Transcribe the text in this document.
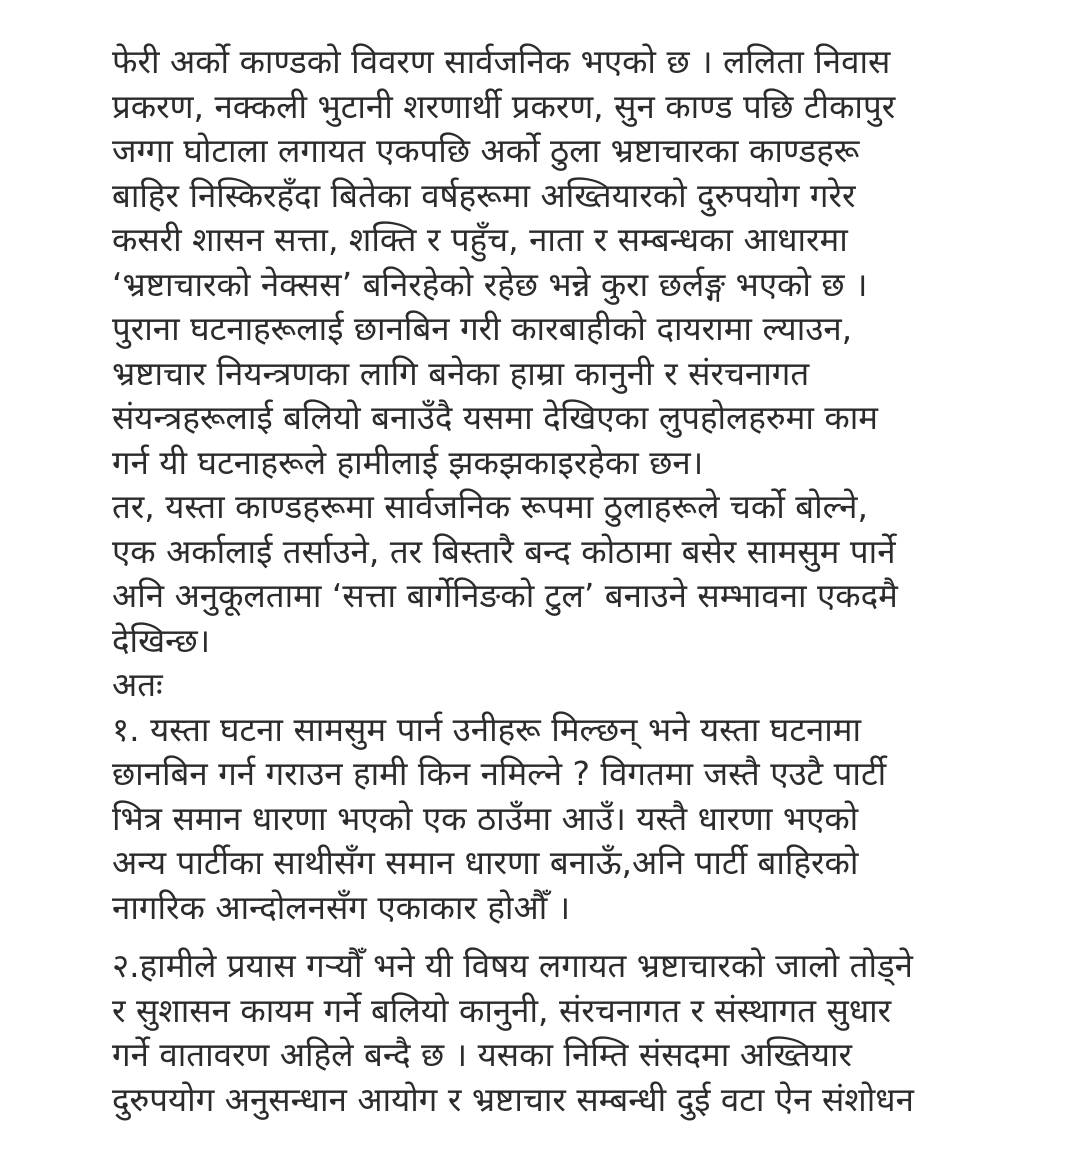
फेरी अर्को काण्डको विवरण सार्वजनिक भएको छ । ललिता निवास
प्रकरण, नक्कली भुटानी शरणार्थी प्रकरण, सुन काण्ड पछि टीकापुर
जग्गा घोटाला लगायत एकपछि अर्को ठुला भ्रष्टाचारका काण्डहरू
बाहिर निस्किरहँदा बितेका वर्षहरूमा अख्तियारको दुरुपयोग गरेर
कसरी शासन सत्ता, शक्ति र पहुँच, नाता र सम्बन्धका आधारमा
‘भ्रष्टाचारको नेक्सस’ बनिरहेको रहेछ भन्ने कुरा छर्लङ्ग भएको छ ।
पुराना घटनाहरूलाई छानबिन गरी कारबाहीको दायरामा ल्याउन,
भ्रष्टाचार नियन्त्रणका लागि बनेका हाम्रा कानुनी र संरचनागत
संयन्त्रहरूलाई बलियो बनाउँदै यसमा देखिएका लुपहोलहरुमा काम
गर्न यी घटनाहरूले हामीलाई झकझकाइरहेका छन।
तर, यस्ता काण्डहरूमा सार्वजनिक रूपमा ठुलाहरूले चर्को बोल्ने,
एक अर्कालाई तर्साउने, तर बिस्तारै बन्द कोठामा बसेर सामसुम पार्ने
अनि अनुकूलतामा ‘सत्ता बार्गेनिङको टुल’ बनाउने सम्भावना एकदमै
देखिन्छ।
अतः
१. यस्ता घटना सामसुम पार्न उनीहरू मिल्छन् भने यस्ता घटनामा
छानबिन गर्न गराउन हामी किन नमिल्ने ? विगतमा जस्तै एउटै पार्टी
भित्र समान धारणा भएको एक ठाउँमा आउँ। यस्तै धारणा भएको
अन्य पार्टीका साथीसँग समान धारणा बनाऊँ,अनि पार्टी बाहिरको
नागरिक आन्दोलनसँग एकाकार होऔँ ।
२.हामीले प्रयास गर्‍यौँ भने यी विषय लगायत भ्रष्टाचारको जालो तोड्ने
र सुशासन कायम गर्ने बलियो कानुनी, संरचनागत र संस्थागत सुधार
गर्ने वातावरण अहिले बन्दै छ । यसका निम्ति संसदमा अख्तियार
दुरुपयोग अनुसन्धान आयोग र भ्रष्टाचार सम्बन्धी दुई वटा ऐन संशोधन
